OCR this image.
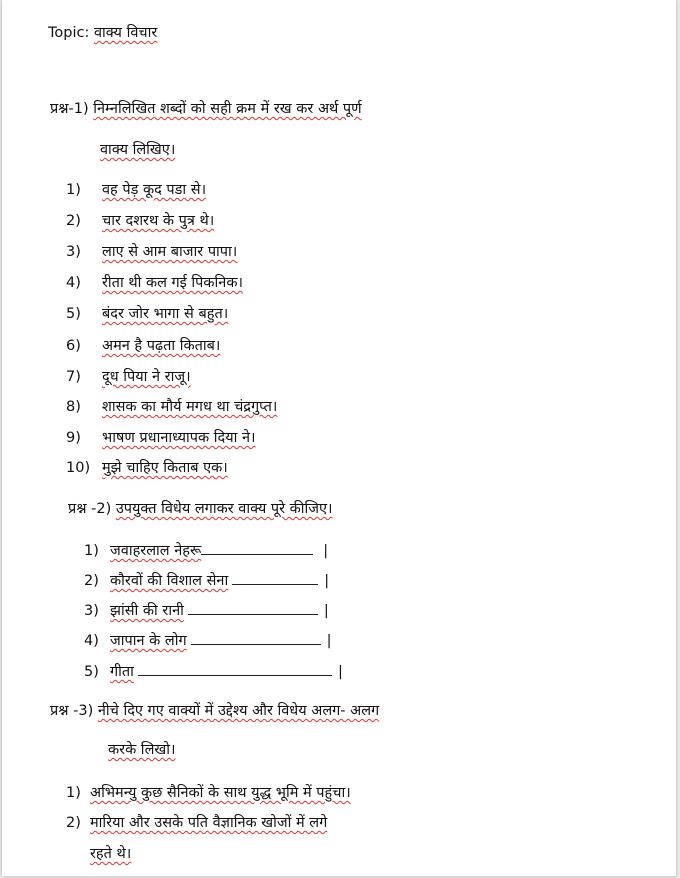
Topic: वाक्य विचार
प्रश्न-1) निम्नलिखित शब्दों को सही क्रम में रख कर अर्थ पूर्ण
वाक्य लिखिए।
1) वह पेड़ कूद पडा से।
2) चार दशरथ के पुत्र थे।
3) लाए से आम बाजार पापा।
4) रीता थी कल गई पिकनिक।
5) बंदर जोर भागा से बहुत।
6) अमन है पढ़ता किताब।
7) दूध पिया ने राजू।
8) शासक का मौर्य मगध था चंद्रगुप्त।
9) भाषण प्रधानाध्यापक दिया ने।
10) मुझे चाहिए किताब एक।
प्रश्न -2) उपयुक्त विधेय लगाकर वाक्य पूरे कीजिए।
1) जवाहरलाल नेहरू	|
2) कौरवों की विशाल सेना	|
3) झांसी की रानी	|
4) जापान के लोग	|
5) गीता	|
प्रश्न -3) नीचे दिए गए वाक्यों में उद्देश्य और विधेय अलग- अलग
करके लिखो।
1) अभिमन्यु कुछ सैनिकों के साथ युद्ध भूमि में पहुंचा।
2) मारिया और उसके पति वैज्ञानिक खोजों में लगे
रहते थे।
